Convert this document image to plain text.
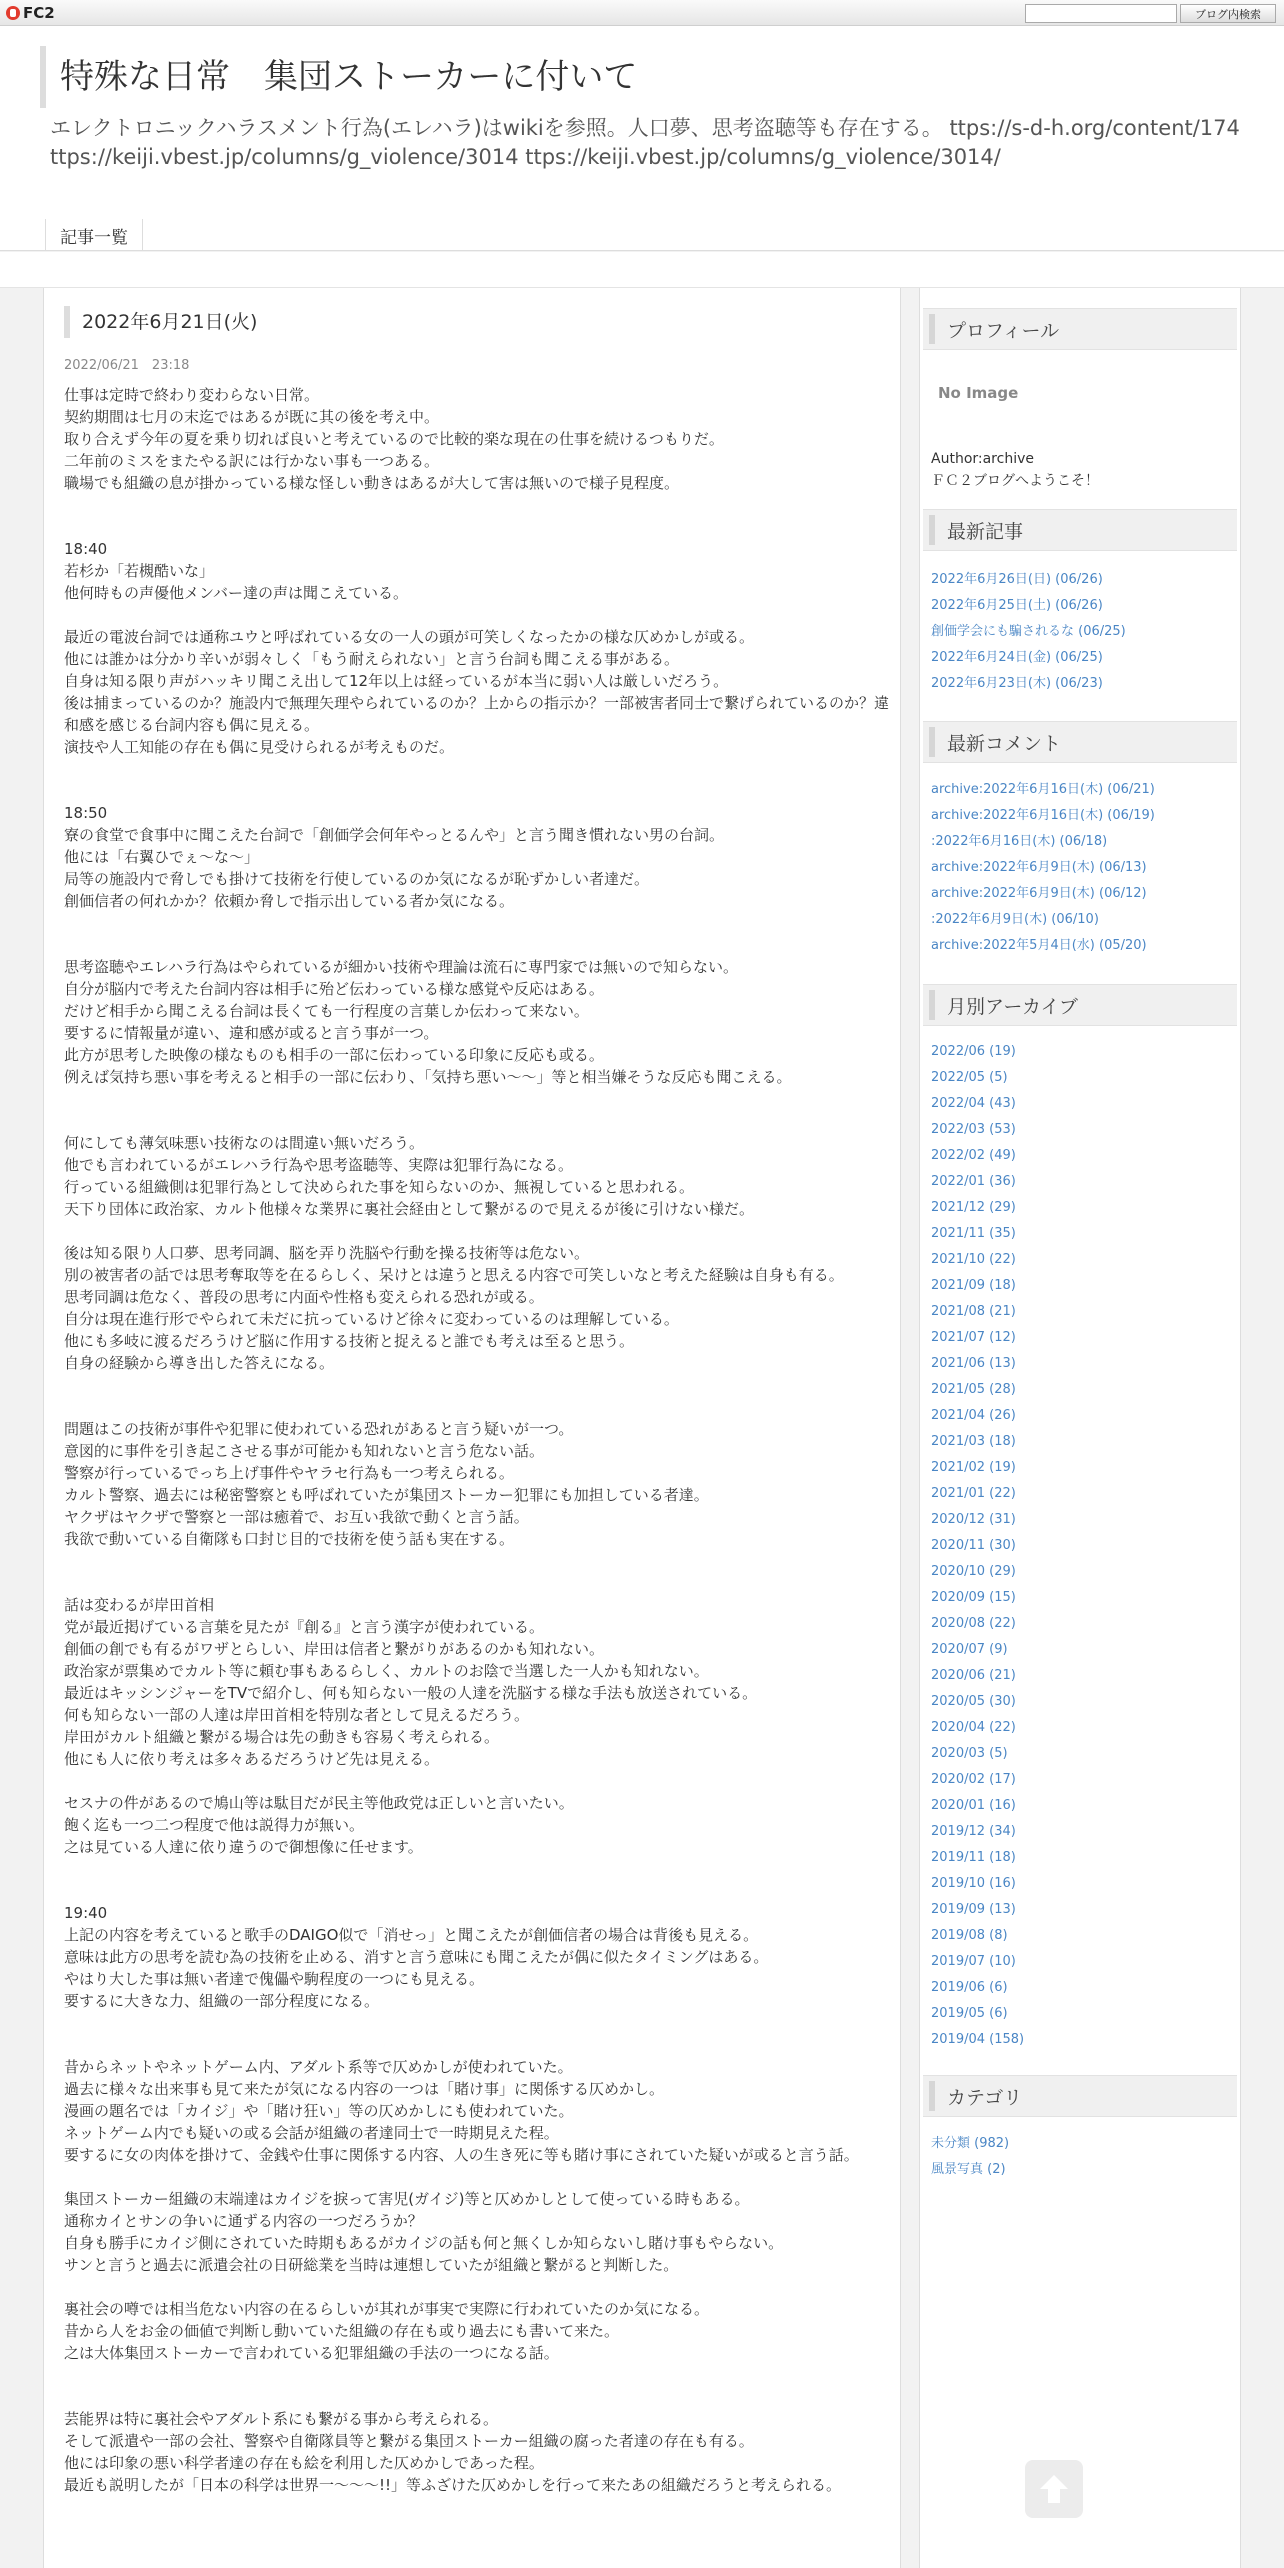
FC2	ブログ内検索
特殊な日常　集団ストーカーに付いて
エレクトロニックハラスメント行為(エレハラ)はwikiを参照。人口夢、思考盗聴等も存在する。 ttps://s-d-h.org/content/174 ttps://keiji.vbest.jp/columns/g_violence/3014 ttps://keiji.vbest.jp/columns/g_violence/3014/
記事一覧
2022年6月21日(火)
2022/06/21　23:18

仕事は定時で終わり変わらない日常。

契約期間は七月の末迄ではあるが既に其の後を考え中。

取り合えず今年の夏を乗り切れば良いと考えているので比較的楽な現在の仕事を続けるつもりだ。

二年前のミスをまたやる訳には行かない事も一つある。

職場でも組織の息が掛かっている様な怪しい動きはあるが大して害は無いので様子見程度。

18:40

若杉か「若槻酷いな」

他何時もの声優他メンバー達の声は聞こえている。

最近の電波台詞では通称ユウと呼ばれている女の一人の頭が可笑しくなったかの様な仄めかしが或る。

他には誰かは分かり辛いが弱々しく「もう耐えられない」と言う台詞も聞こえる事がある。

自身は知る限り声がハッキリ聞こえ出して12年以上は経っているが本当に弱い人は厳しいだろう。

後は捕まっているのか？施設内で無理矢理やられているのか？上からの指示か？一部被害者同士で繋げられているのか？違和感を感じる台詞内容も偶に見える。

演技や人工知能の存在も偶に見受けられるが考えものだ。

18:50

寮の食堂で食事中に聞こえた台詞で「創価学会何年やっとるんや」と言う聞き慣れない男の台詞。

他には「右翼ひでぇ～な～」

局等の施設内で脅しでも掛けて技術を行使しているのか気になるが恥ずかしい者達だ。

創価信者の何れかか？依頼か脅しで指示出している者か気になる。

思考盗聴やエレハラ行為はやられているが細かい技術や理論は流石に専門家では無いので知らない。

自分が脳内で考えた台詞内容は相手に殆ど伝わっている様な感覚や反応はある。

だけど相手から聞こえる台詞は長くても一行程度の言葉しか伝わって来ない。

要するに情報量が違い、違和感が或ると言う事が一つ。

此方が思考した映像の様なものも相手の一部に伝わっている印象に反応も或る。

例えば気持ち悪い事を考えると相手の一部に伝わり、「気持ち悪い～～」等と相当嫌そうな反応も聞こえる。

何にしても薄気味悪い技術なのは間違い無いだろう。

他でも言われているがエレハラ行為や思考盗聴等、実際は犯罪行為になる。

行っている組織側は犯罪行為として決められた事を知らないのか、無視していると思われる。

天下り団体に政治家、カルト他様々な業界に裏社会経由として繋がるので見えるが後に引けない様だ。

後は知る限り人口夢、思考同調、脳を弄り洗脳や行動を操る技術等は危ない。

別の被害者の話では思考奪取等を在るらしく、呆けとは違うと思える内容で可笑しいなと考えた経験は自身も有る。

思考同調は危なく、普段の思考に内面や性格も変えられる恐れが或る。

自分は現在進行形でやられて未だに抗っているけど徐々に変わっているのは理解している。

他にも多岐に渡るだろうけど脳に作用する技術と捉えると誰でも考えは至ると思う。

自身の経験から導き出した答えになる。

問題はこの技術が事件や犯罪に使われている恐れがあると言う疑いが一つ。

意図的に事件を引き起こさせる事が可能かも知れないと言う危ない話。

警察が行っているでっち上げ事件やヤラセ行為も一つ考えられる。

カルト警察、過去には秘密警察とも呼ばれていたが集団ストーカー犯罪にも加担している者達。

ヤクザはヤクザで警察と一部は癒着で、お互い我欲で動くと言う話。

我欲で動いている自衛隊も口封じ目的で技術を使う話も実在する。

話は変わるが岸田首相

党が最近掲げている言葉を見たが『創る』と言う漢字が使われている。

創価の創でも有るがワザとらしい、岸田は信者と繋がりがあるのかも知れない。

政治家が票集めでカルト等に頼む事もあるらしく、カルトのお陰で当選した一人かも知れない。

最近はキッシンジャーをTVで紹介し、何も知らない一般の人達を洗脳する様な手法も放送されている。

何も知らない一部の人達は岸田首相を特別な者として見えるだろう。

岸田がカルト組織と繋がる場合は先の動きも容易く考えられる。

他にも人に依り考えは多々あるだろうけど先は見える。

セスナの件があるので鳩山等は駄目だが民主等他政党は正しいと言いたい。

飽く迄も一つ二つ程度で他は説得力が無い。

之は見ている人達に依り違うので御想像に任せます。

19:40

上記の内容を考えていると歌手のDAIGO似で「消せっ」と聞こえたが創価信者の場合は背後も見える。

意味は此方の思考を読む為の技術を止める、消すと言う意味にも聞こえたが偶に似たタイミングはある。

やはり大した事は無い者達で傀儡や駒程度の一つにも見える。

要するに大きな力、組織の一部分程度になる。

昔からネットやネットゲーム内、アダルト系等で仄めかしが使われていた。

過去に様々な出来事も見て来たが気になる内容の一つは「賭け事」に関係する仄めかし。

漫画の題名では「カイジ」や「賭け狂い」等の仄めかしにも使われていた。

ネットゲーム内でも疑いの或る会話が組織の者達同士で一時期見えた程。

要するに女の肉体を掛けて、金銭や仕事に関係する内容、人の生き死に等も賭け事にされていた疑いが或ると言う話。

集団ストーカー組織の末端達はカイジを捩って害児(ガイジ)等と仄めかしとして使っている時もある。

通称カイとサンの争いに通ずる内容の一つだろうか？

自身も勝手にカイジ側にされていた時期もあるがカイジの話も何と無くしか知らないし賭け事もやらない。

サンと言うと過去に派遣会社の日研総業を当時は連想していたが組織と繋がると判断した。

裏社会の噂では相当危ない内容の在るらしいが其れが事実で実際に行われていたのか気になる。

昔から人をお金の価値で判断し動いていた組織の存在も或り過去にも書いて来た。

之は大体集団ストーカーで言われている犯罪組織の手法の一つになる話。

芸能界は特に裏社会やアダルト系にも繋がる事から考えられる。

そして派遣や一部の会社、警察や自衛隊員等と繋がる集団ストーカー組織の腐った者達の存在も有る。

他には印象の悪い科学者達の存在も絵を利用した仄めかしであった程。

最近も説明したが「日本の科学は世界一～～～!!」等ふざけた仄めかしを行って来たあの組織だろうと考えられる。

プロフィール
No Image
Author:archive
ＦＣ２ブログへようこそ！
最新記事
2022年6月26日(日) (06/26)
2022年6月25日(土) (06/26)
創価学会にも騙されるな (06/25)
2022年6月24日(金) (06/25)
2022年6月23日(木) (06/23)
最新コメント
archive:2022年6月16日(木) (06/21)
archive:2022年6月16日(木) (06/19)
:2022年6月16日(木) (06/18)
archive:2022年6月9日(木) (06/13)
archive:2022年6月9日(木) (06/12)
:2022年6月9日(木) (06/10)
archive:2022年5月4日(水) (05/20)
月別アーカイブ
2022/06 (19)
2022/05 (5)
2022/04 (43)
2022/03 (53)
2022/02 (49)
2022/01 (36)
2021/12 (29)
2021/11 (35)
2021/10 (22)
2021/09 (18)
2021/08 (21)
2021/07 (12)
2021/06 (13)
2021/05 (28)
2021/04 (26)
2021/03 (18)
2021/02 (19)
2021/01 (22)
2020/12 (31)
2020/11 (30)
2020/10 (29)
2020/09 (15)
2020/08 (22)
2020/07 (9)
2020/06 (21)
2020/05 (30)
2020/04 (22)
2020/03 (5)
2020/02 (17)
2020/01 (16)
2019/12 (34)
2019/11 (18)
2019/10 (16)
2019/09 (13)
2019/08 (8)
2019/07 (10)
2019/06 (6)
2019/05 (6)
2019/04 (158)
カテゴリ
未分類 (982)
風景写真 (2)
